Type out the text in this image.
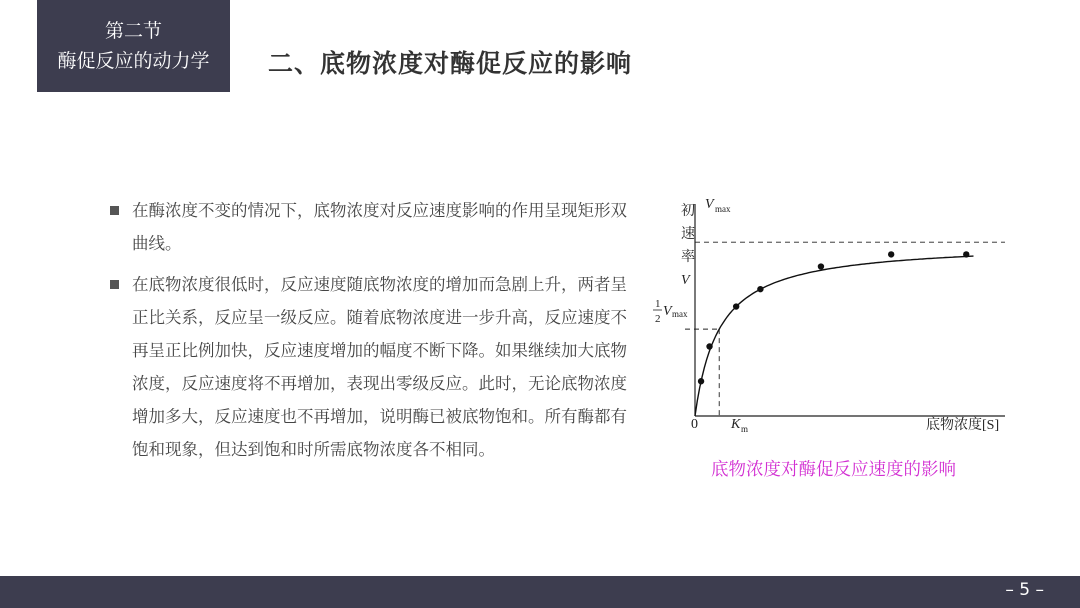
第二节
酶促反应的动力学	二、底物浓度对酶促反应的影响
在酶浓度不变的情况下，底物浓度对反应速度影响的作用呈现矩形双曲线。
在底物浓度很低时，反应速度随底物浓度的增加而急剧上升，两者呈正比关系，反应呈一级反应。随着底物浓度进一步升高，反应速度不再呈正比例加快，反应速度增加的幅度不断下降。如果继续加大底物浓度，反应速度将不再增加，表现出零级反应。此时，无论底物浓度增加多大，反应速度也不再增加，说明酶已被底物饱和。所有酶都有饱和现象，但达到饱和时所需底物浓度各不相同。
初
速
率
V
V max
1
2 V max
0 K m	底物浓度[S]
底物浓度对酶促反应速度的影响
– 5 –
